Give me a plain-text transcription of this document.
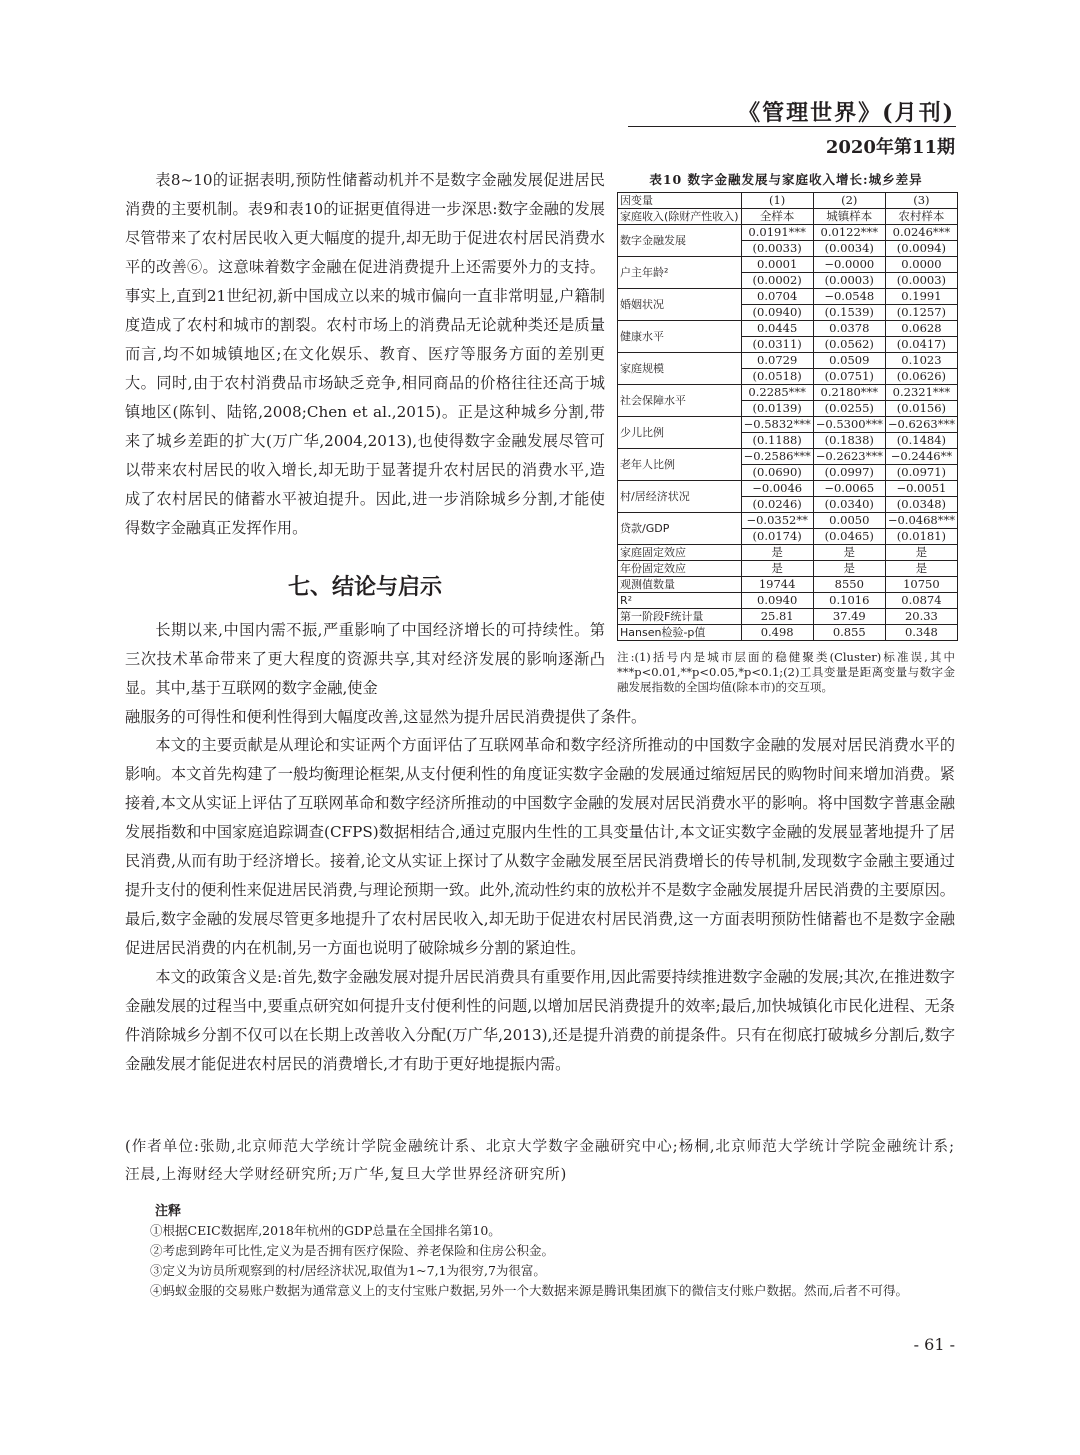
《管理世界》(月刊)
2020年第11期

表8~10的证据表明,预防性储蓄动机并不是数字金融发展促进居民消费的主要机制。表9和表10的证据更值得进一步深思:数字金融的发展尽管带来了农村居民收入更大幅度的提升,却无助于促进农村居民消费水平的改善⑥。这意味着数字金融在促进消费提升上还需要外力的支持。事实上,直到21世纪初,新中国成立以来的城市偏向一直非常明显,户籍制度造成了农村和城市的割裂。农村市场上的消费品无论就种类还是质量而言,均不如城镇地区;在文化娱乐、教育、医疗等服务方面的差别更大。同时,由于农村消费品市场缺乏竞争,相同商品的价格往往还高于城镇地区(陈钊、陆铭,2008;Chen et al.,2015)。正是这种城乡分割,带来了城乡差距的扩大(万广华,2004,2013),也使得数字金融发展尽管可以带来农村居民的收入增长,却无助于显著提升农村居民的消费水平,造成了农村居民的储蓄水平被迫提升。因此,进一步消除城乡分割,才能使得数字金融真正发挥作用。

七、结论与启示

长期以来,中国内需不振,严重影响了中国经济增长的可持续性。第三次技术革命带来了更大程度的资源共享,其对经济发展的影响逐渐凸显。其中,基于互联网的数字金融,使金

融服务的可得性和便利性得到大幅度改善,这显然为提升居民消费提供了条件。

本文的主要贡献是从理论和实证两个方面评估了互联网革命和数字经济所推动的中国数字金融的发展对居民消费水平的影响。本文首先构建了一般均衡理论框架,从支付便利性的角度证实数字金融的发展通过缩短居民的购物时间来增加消费。紧接着,本文从实证上评估了互联网革命和数字经济所推动的中国数字金融的发展对居民消费水平的影响。将中国数字普惠金融发展指数和中国家庭追踪调查(CFPS)数据相结合,通过克服内生性的工具变量估计,本文证实数字金融的发展显著地提升了居民消费,从而有助于经济增长。接着,论文从实证上探讨了从数字金融发展至居民消费增长的传导机制,发现数字金融主要通过提升支付的便利性来促进居民消费,与理论预期一致。此外,流动性约束的放松并不是数字金融发展提升居民消费的主要原因。最后,数字金融的发展尽管更多地提升了农村居民收入,却无助于促进农村居民消费,这一方面表明预防性储蓄也不是数字金融促进居民消费的内在机制,另一方面也说明了破除城乡分割的紧迫性。

本文的政策含义是:首先,数字金融发展对提升居民消费具有重要作用,因此需要持续推进数字金融的发展;其次,在推进数字金融发展的过程当中,要重点研究如何提升支付便利性的问题,以增加居民消费提升的效率;最后,加快城镇化市民化进程、无条件消除城乡分割不仅可以在长期上改善收入分配(万广华,2013),还是提升消费的前提条件。只有在彻底打破城乡分割后,数字金融发展才能促进农村居民的消费增长,才有助于更好地提振内需。

表10 数字金融发展与家庭收入增长:城乡差异
因变量	(1)	(2)	(3)
家庭收入(除财产性收入)	全样本	城镇样本	农村样本
数字金融发展	0.0191***	0.0122***	0.0246***
	(0.0033)	(0.0034)	(0.0094)
户主年龄²	0.0001	−0.0000	0.0000
	(0.0002)	(0.0003)	(0.0003)
婚姻状况	0.0704	−0.0548	0.1991
	(0.0940)	(0.1539)	(0.1257)
健康水平	0.0445	0.0378	0.0628
	(0.0311)	(0.0562)	(0.0417)
家庭规模	0.0729	0.0509	0.1023
	(0.0518)	(0.0751)	(0.0626)
社会保障水平	0.2285***	0.2180***	0.2321***
	(0.0139)	(0.0255)	(0.0156)
少儿比例	−0.5832***	−0.5300***	−0.6263***
	(0.1188)	(0.1838)	(0.1484)
老年人比例	−0.2586***	−0.2623***	−0.2446**
	(0.0690)	(0.0997)	(0.0971)
村/居经济状况	−0.0046	−0.0065	−0.0051
	(0.0246)	(0.0340)	(0.0348)
贷款/GDP	−0.0352**	0.0050	−0.0468***
	(0.0174)	(0.0465)	(0.0181)
家庭固定效应	是	是	是
年份固定效应	是	是	是
观测值数量	19744	8550	10750
R²	0.0940	0.1016	0.0874
第一阶段F统计量	25.81	37.49	20.33
Hansen检验-p值	0.498	0.855	0.348
注:(1)括号内是城市层面的稳健聚类(Cluster)标准误,其中***p<0.01,**p<0.05,*p<0.1;(2)工具变量是距离变量与数字金融发展指数的全国均值(除本市)的交互项。
(作者单位:张勋,北京师范大学统计学院金融统计系、北京大学数字金融研究中心;杨桐,北京师范大学统计学院金融统计系;汪晨,上海财经大学财经研究所;万广华,复旦大学世界经济研究所)
注释

①根据CEIC数据库,2018年杭州的GDP总量在全国排名第10。

②考虑到跨年可比性,定义为是否拥有医疗保险、养老保险和住房公积金。

③定义为访员所观察到的村/居经济状况,取值为1~7,1为很穷,7为很富。

④蚂蚁金服的交易账户数据为通常意义上的支付宝账户数据,另外一个大数据来源是腾讯集团旗下的微信支付账户数据。然而,后者不可得。

- 61 -
